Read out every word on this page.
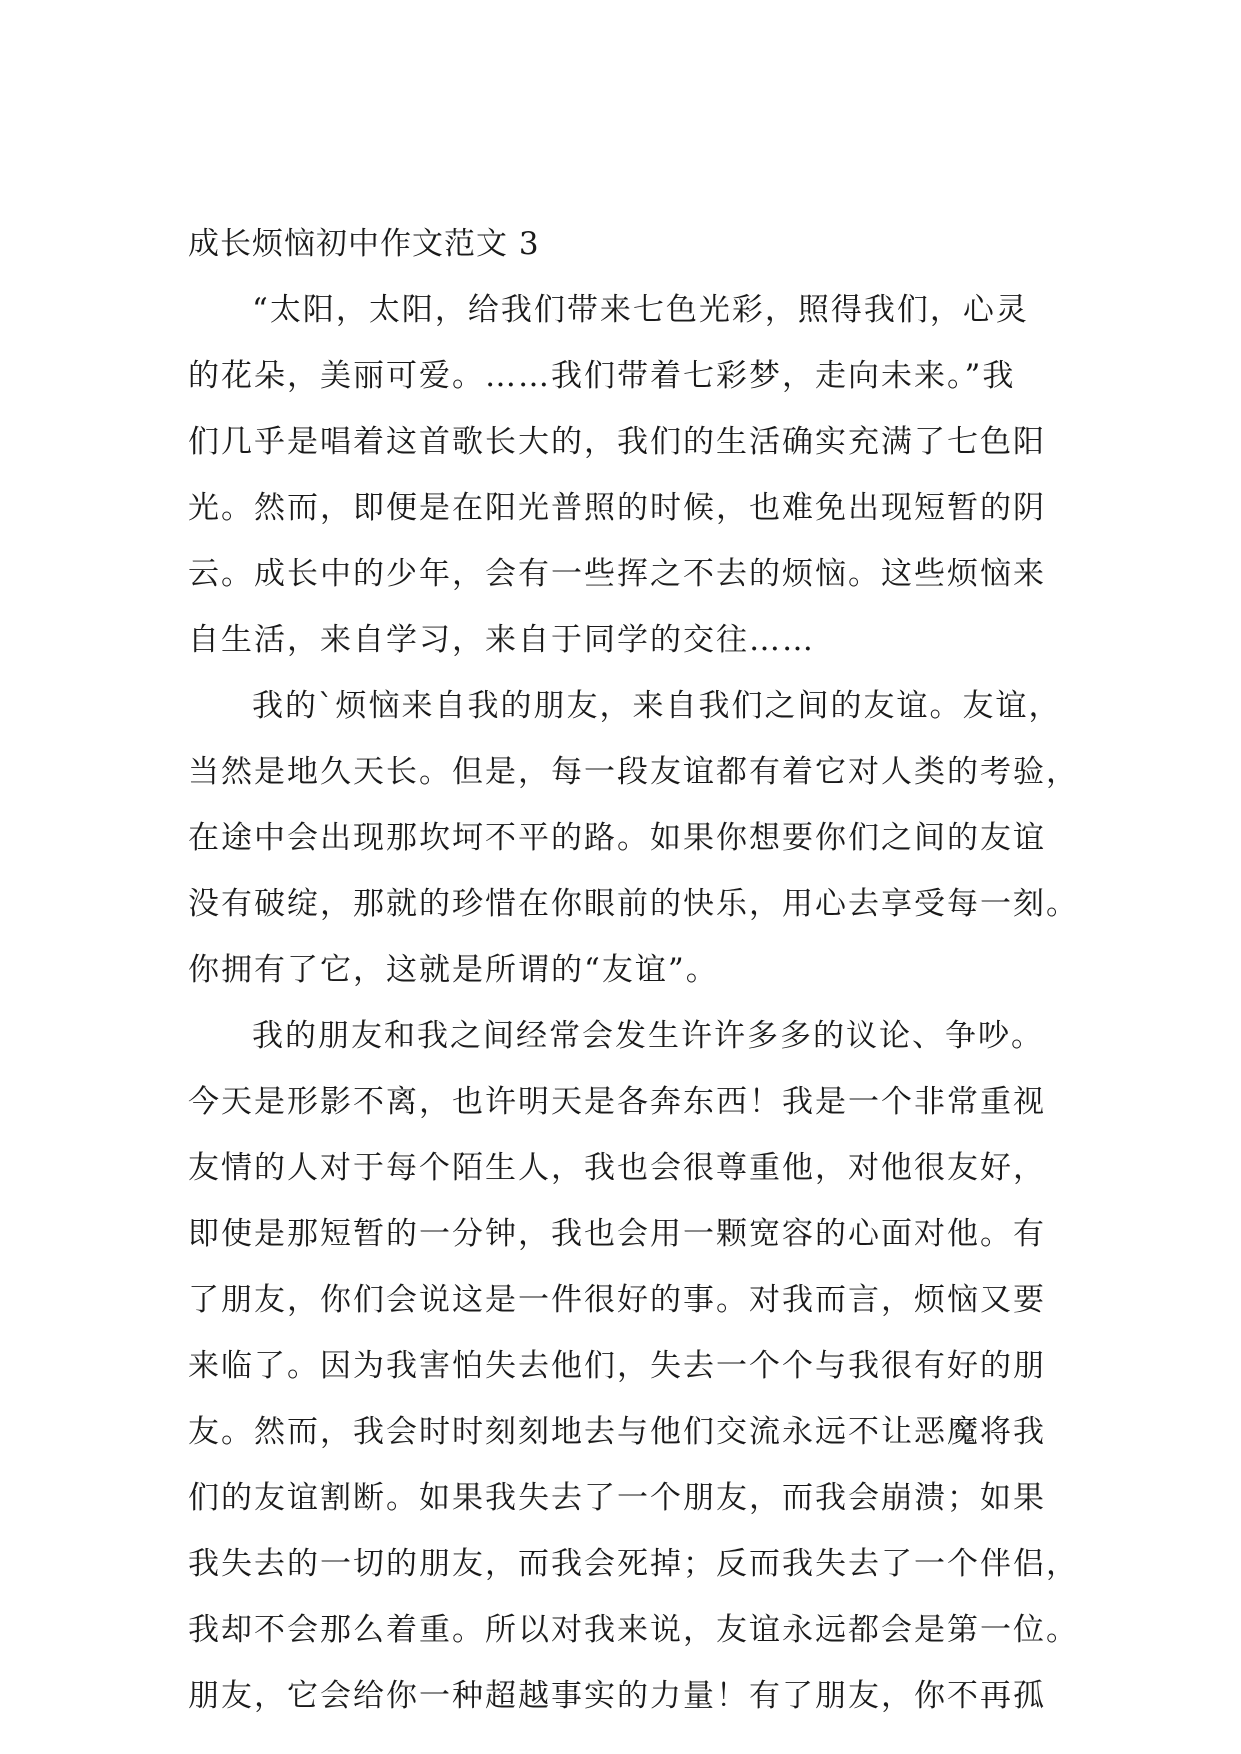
成长烦恼初中作文范文 3

“太阳，太阳，给我们带来七色光彩，照得我们，心灵

的花朵，美丽可爱。……我们带着七彩梦，走向未来。”我

们几乎是唱着这首歌长大的，我们的生活确实充满了七色阳

光。然而，即便是在阳光普照的时候，也难免出现短暂的阴

云。成长中的少年，会有一些挥之不去的烦恼。这些烦恼来

自生活，来自学习，来自于同学的交往……

我的`烦恼来自我的朋友，来自我们之间的友谊。友谊，

当然是地久天长。但是，每一段友谊都有着它对人类的考验，

在途中会出现那坎坷不平的路。如果你想要你们之间的友谊

没有破绽，那就的珍惜在你眼前的快乐，用心去享受每一刻。

你拥有了它，这就是所谓的“友谊”。

我的朋友和我之间经常会发生许许多多的议论、争吵。

今天是形影不离，也许明天是各奔东西！我是一个非常重视

友情的人对于每个陌生人，我也会很尊重他，对他很友好，

即使是那短暂的一分钟，我也会用一颗宽容的心面对他。有

了朋友，你们会说这是一件很好的事。对我而言，烦恼又要

来临了。因为我害怕失去他们，失去一个个与我很有好的朋

友。然而，我会时时刻刻地去与他们交流永远不让恶魔将我

们的友谊割断。如果我失去了一个朋友，而我会崩溃；如果

我失去的一切的朋友，而我会死掉；反而我失去了一个伴侣，

我却不会那么着重。所以对我来说，友谊永远都会是第一位。

朋友，它会给你一种超越事实的力量！有了朋友，你不再孤
